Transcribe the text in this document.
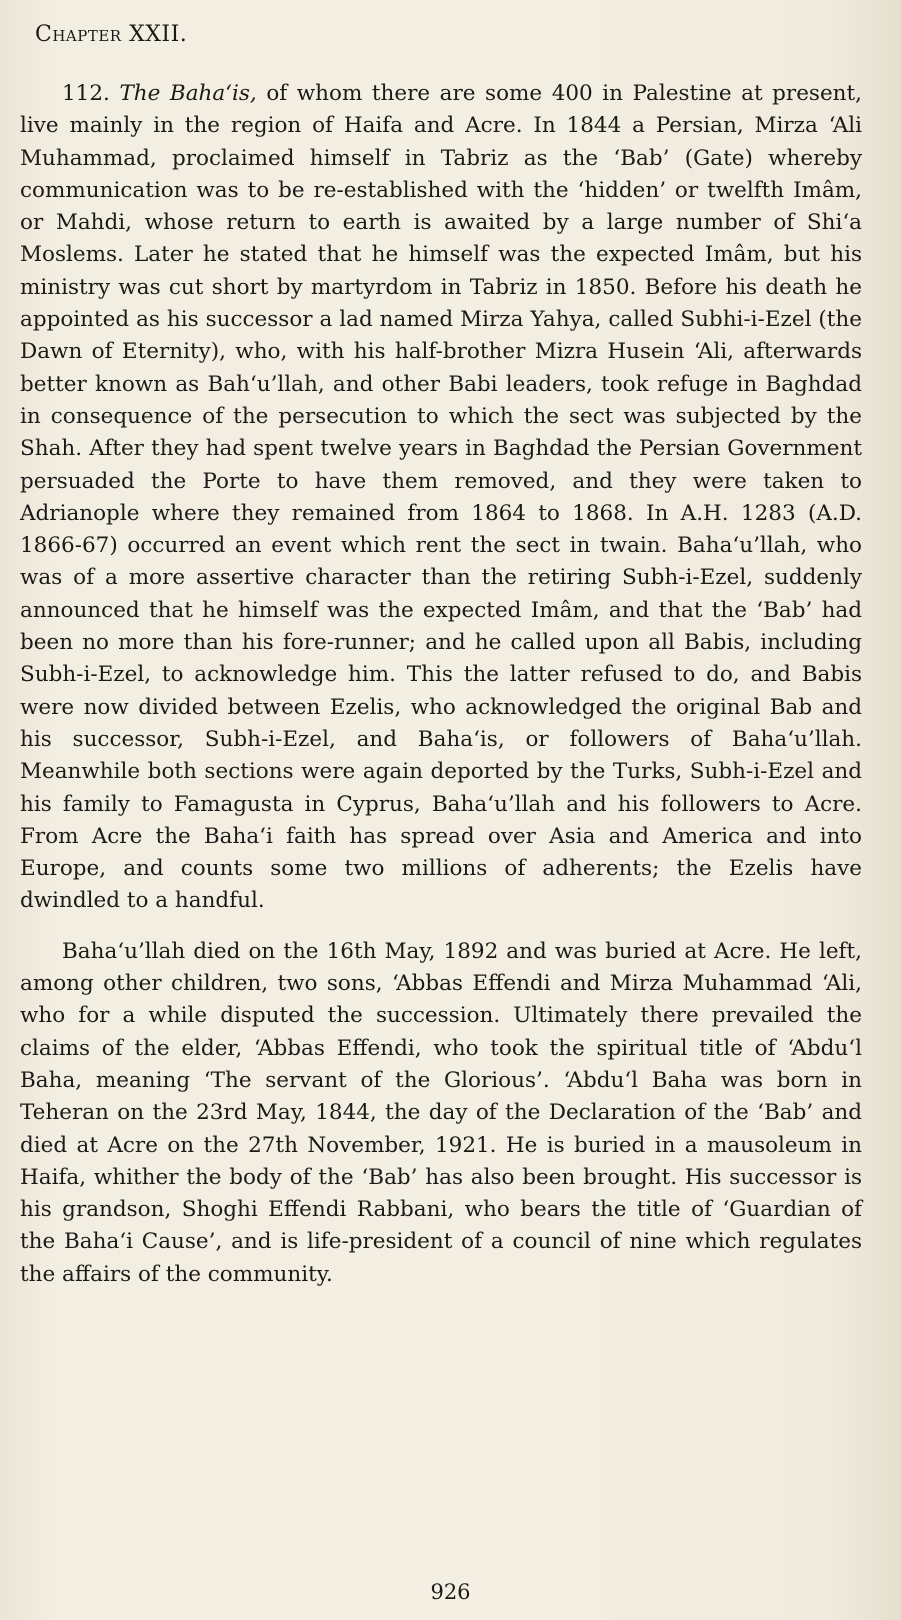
Chapter XXII.

112. The Baha‘is, of whom there are some 400 in Palestine at present, live mainly in the region of Haifa and Acre. In 1844 a Persian, Mirza ‘Ali Muhammad, proclaimed himself in Tabriz as the ‘Bab’ (Gate) whereby communication was to be re-established with the ‘hidden’ or twelfth Imâm, or Mahdi, whose return to earth is awaited by a large number of Shi‘a Moslems. Later he stated that he himself was the expected Imâm, but his ministry was cut short by martyrdom in Tabriz in 1850. Before his death he appointed as his successor a lad named Mirza Yahya, called Subhi-i-Ezel (the Dawn of Eternity), who, with his half-brother Mizra Husein ‘Ali, afterwards better known as Bah‘u’llah, and other Babi leaders, took refuge in Baghdad in consequence of the persecution to which the sect was subjected by the Shah. After they had spent twelve years in Baghdad the Persian Government persuaded the Porte to have them removed, and they were taken to Adrianople where they remained from 1864 to 1868. In A.H. 1283 (A.D. 1866-67) occurred an event which rent the sect in twain. Baha‘u’llah, who was of a more assertive character than the retiring Subh-i-Ezel, suddenly announced that he himself was the expected Imâm, and that the ‘Bab’ had been no more than his fore-runner; and he called upon all Babis, including Subh-i-Ezel, to acknowledge him. This the latter refused to do, and Babis were now divided between Ezelis, who acknowledged the original Bab and his successor, Subh-i-Ezel, and Baha‘is, or followers of Baha‘u’llah. Meanwhile both sections were again deported by the Turks, Subh-i-Ezel and his family to Famagusta in Cyprus, Baha‘u’llah and his followers to Acre. From Acre the Baha‘i faith has spread over Asia and America and into Europe, and counts some two millions of adherents; the Ezelis have dwindled to a handful.

Baha‘u’llah died on the 16th May, 1892 and was buried at Acre. He left, among other children, two sons, ‘Abbas Effendi and Mirza Muhammad ‘Ali, who for a while disputed the succession. Ultimately there prevailed the claims of the elder, ‘Abbas Effendi, who took the spiritual title of ‘Abdu‘l Baha, meaning ‘The servant of the Glorious’. ‘Abdu‘l Baha was born in Teheran on the 23rd May, 1844, the day of the Declaration of the ‘Bab’ and died at Acre on the 27th November, 1921. He is buried in a mausoleum in Haifa, whither the body of the ‘Bab’ has also been brought. His successor is his grandson, Shoghi Effendi Rabbani, who bears the title of ‘Guardian of the Baha‘i Cause’, and is life-president of a council of nine which regulates the affairs of the community.

926
